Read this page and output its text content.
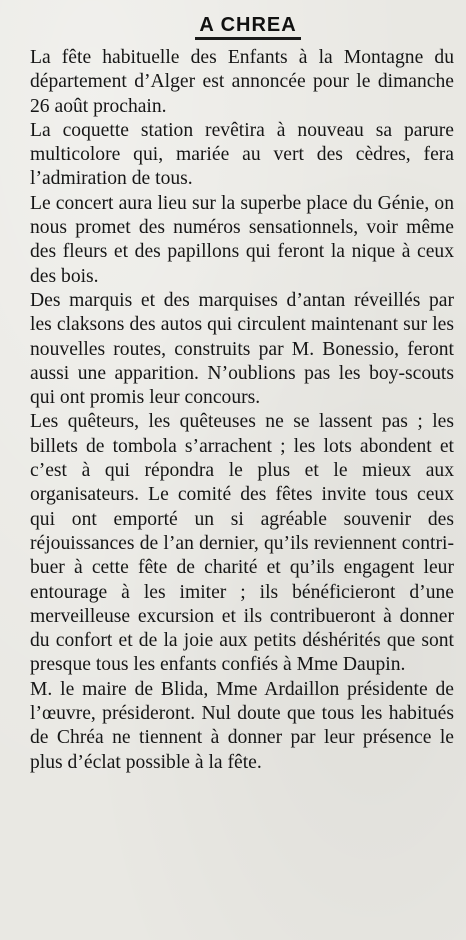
A CHREA

La fête habituelle des Enfants à la Montagne du département d’Alger est annoncée pour le dimanche 26 août prochain.

La coquette station revêtira à nouveau sa parure multicolore qui, mariée au vert des cèdres, fera l’admiration de tous.

Le concert aura lieu sur la superbe place du Génie, on nous promet des numéros sensationnels, voir même des fleurs et des papillons qui feront la nique à ceux des bois.

Des marquis et des marquises d’antan réveillés par les claksons des autos qui circulent maintenant sur les nouvelles routes, construits par M. Bonessio, feront aussi une apparition. N’oublions pas les boy-scouts qui ont promis leur concours.

Les quêteurs, les quêteuses ne se lassent pas ; les billets de tombola s’arrachent ; les lots abondent et c’est à qui répondra le plus et le mieux aux organisateurs. Le comité des fêtes invite tous ceux qui ont emporté un si agréable souvenir des réjouissances de l’an dernier, qu’ils reviennent contribuer à cette fête de charité et qu’ils engagent leur entourage à les imiter ; ils bénéficieront d’une merveilleuse excursion et ils contribueront à donner du confort et de la joie aux petits déshérités que sont presque tous les enfants confiés à Mme Daupin.

M. le maire de Blida, Mme Ardaillon présidente de l’œuvre, présideront. Nul doute que tous les habitués de Chréa ne tiennent à donner par leur présence le plus d’éclat possible à la fête.
